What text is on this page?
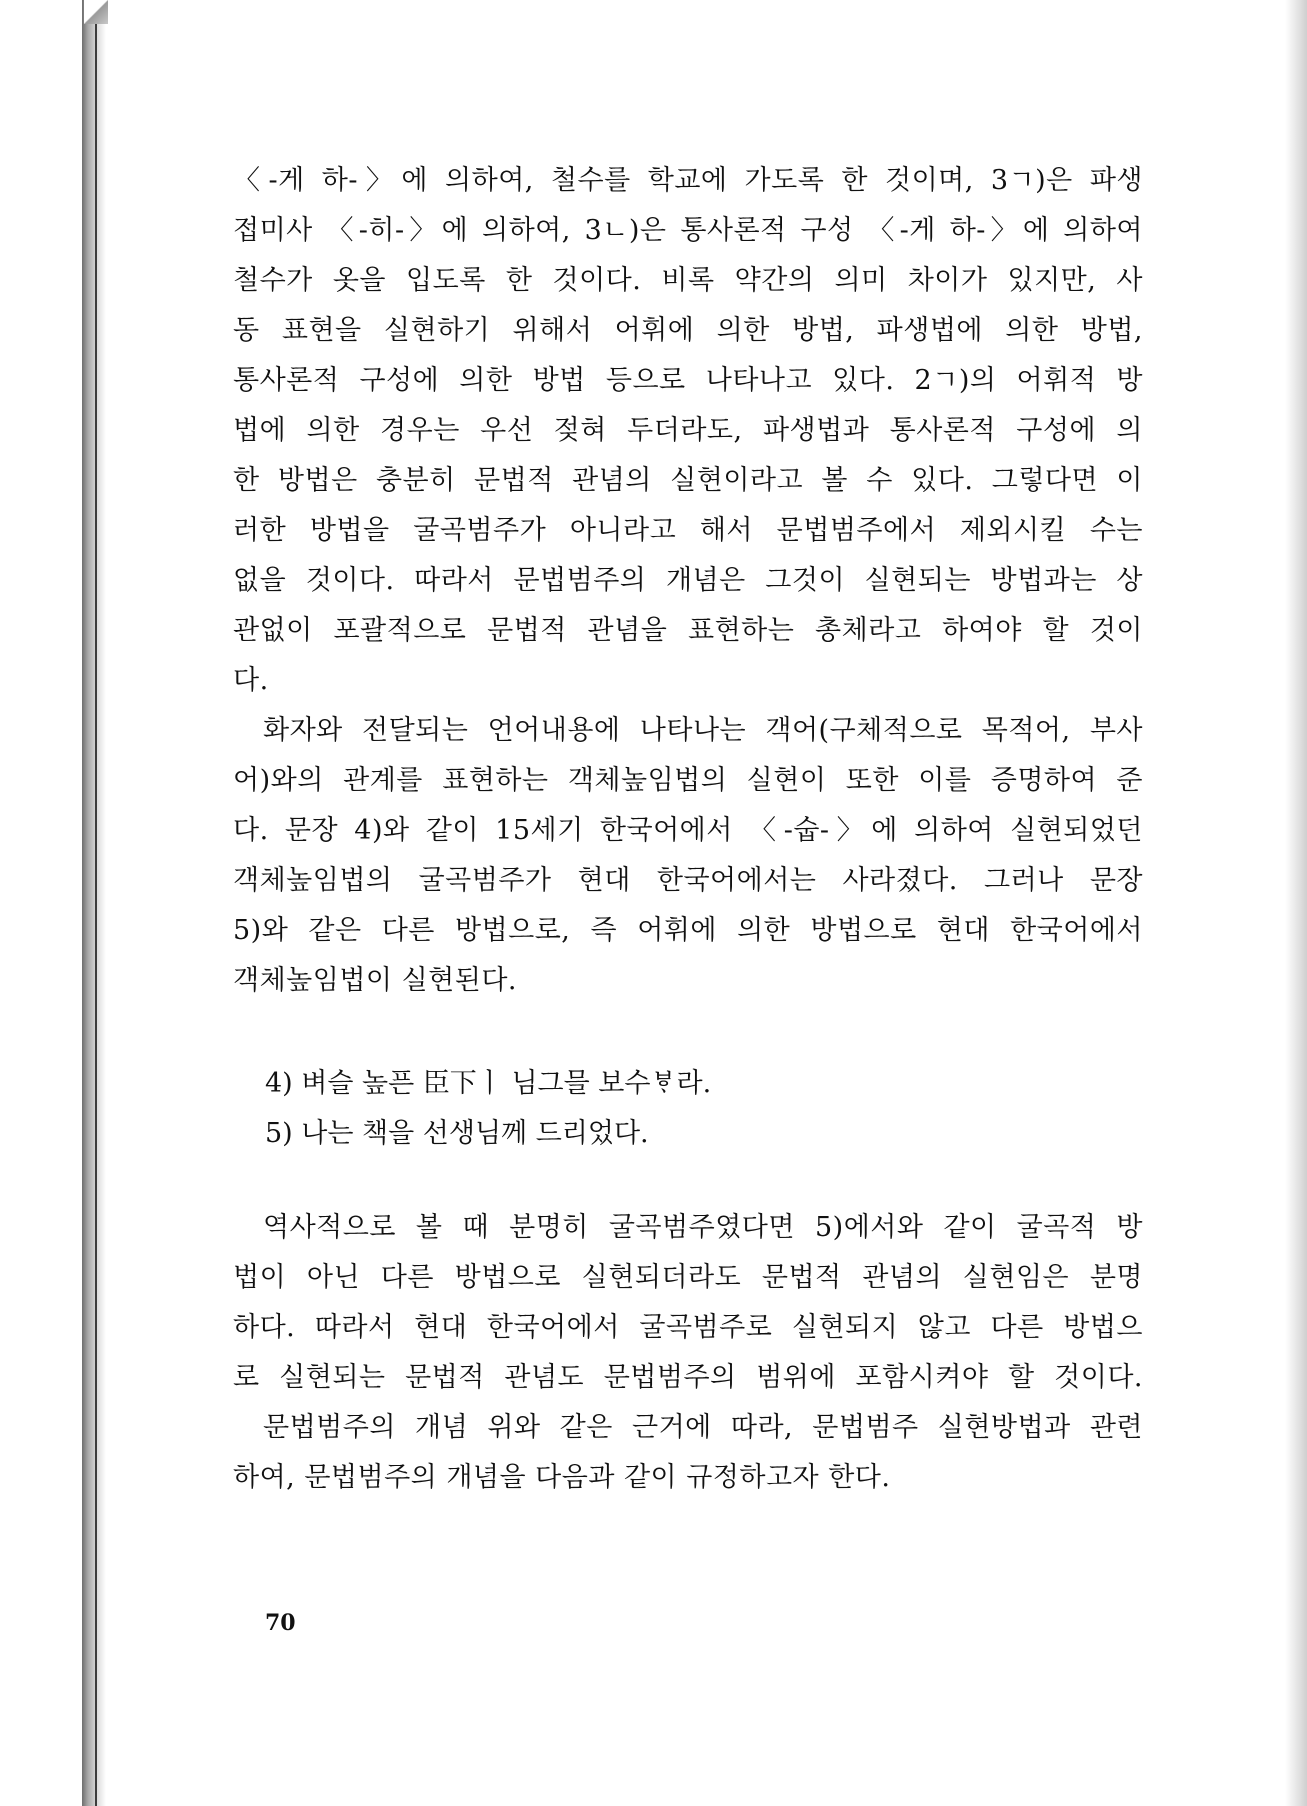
〈-게 하-〉에 의하여, 철수를 학교에 가도록 한 것이며, 3ㄱ)은 파생
접미사 〈-히-〉에 의하여, 3ㄴ)은 통사론적 구성 〈-게 하-〉에 의하여
철수가 옷을 입도록 한 것이다. 비록 약간의 의미 차이가 있지만, 사
동 표현을 실현하기 위해서 어휘에 의한 방법, 파생법에 의한 방법,
통사론적 구성에 의한 방법 등으로 나타나고 있다. 2ㄱ)의 어휘적 방
법에 의한 경우는 우선 젖혀 두더라도, 파생법과 통사론적 구성에 의
한 방법은 충분히 문법적 관념의 실현이라고 볼 수 있다. 그렇다면 이
러한 방법을 굴곡범주가 아니라고 해서 문법범주에서 제외시킬 수는
없을 것이다. 따라서 문법범주의 개념은 그것이 실현되는 방법과는 상
관없이 포괄적으로 문법적 관념을 표현하는 총체라고 하여야 할 것이
다.
화자와 전달되는 언어내용에 나타나는 객어(구체적으로 목적어, 부사
어)와의 관계를 표현하는 객체높임법의 실현이 또한 이를 증명하여 준
다. 문장 4)와 같이 15세기 한국어에서 〈-숩-〉에 의하여 실현되었던
객체높임법의 굴곡범주가 현대 한국어에서는 사라졌다. 그러나 문장
5)와 같은 다른 방법으로, 즉 어휘에 의한 방법으로 현대 한국어에서
객체높임법이 실현된다.
4) 벼슬 높픈 臣下ㅣ 님그믈 보수ᄫᆞ라.
5) 나는 책을 선생님께 드리었다.
역사적으로 볼 때 분명히 굴곡범주였다면 5)에서와 같이 굴곡적 방
법이 아닌 다른 방법으로 실현되더라도 문법적 관념의 실현임은 분명
하다. 따라서 현대 한국어에서 굴곡범주로 실현되지 않고 다른 방법으
로 실현되는 문법적 관념도 문법범주의 범위에 포함시켜야 할 것이다.
문법범주의 개념 위와 같은 근거에 따라, 문법범주 실현방법과 관련
하여, 문법범주의 개념을 다음과 같이 규정하고자 한다.
70
